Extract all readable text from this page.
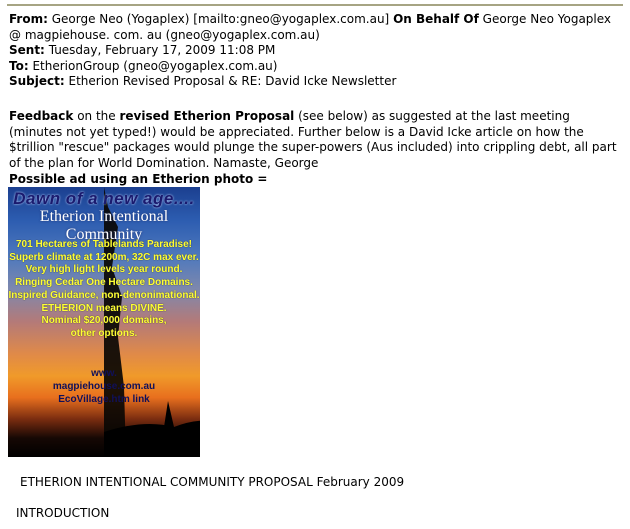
From: George Neo (Yogaplex) [mailto:gneo@yogaplex.com.au] On Behalf Of George Neo Yogaplex @ magpiehouse. com. au (gneo@yogaplex.com.au)
Sent: Tuesday, February 17, 2009 11:08 PM
To: EtherionGroup (gneo@yogaplex.com.au)
Subject: Etherion Revised Proposal & RE: David Icke Newsletter
Feedback on the revised Etherion Proposal (see below) as suggested at the last meeting (minutes not yet typed!) would be appreciated. Further below is a David Icke article on how the $trillion "rescue" packages would plunge the super-powers (Aus included) into crippling debt, all part of the plan for World Domination. Namaste, George
Possible ad using an Etherion photo =
Dawn of a new age....
Etherion Intentional Community
701 Hectares of Tablelands Paradise!
Superb climate at 1200m, 32C max ever.
Very high light levels year round.
Ringing Cedar One Hectare Domains.
Inspired Guidance, non-denonimational.
ETHERION means DIVINE.
Nominal $20,000 domains,
other options.
www.
magpiehouse.com.au
EcoVillage.htm link
ETHERION INTENTIONAL COMMUNITY PROPOSAL February 2009
INTRODUCTION
